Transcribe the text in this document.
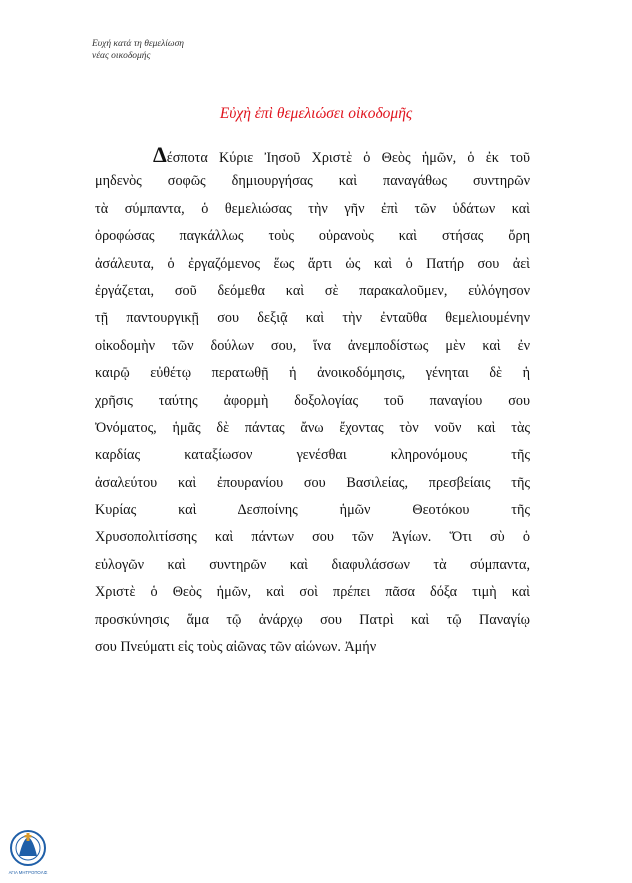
Ευχή κατά τη θεμελίωση
νέας οικοδομής
Εὐχὴ ἐπὶ θεμελιώσει οἰκοδομῆς
Δέσποτα Κύριε Ἰησοῦ Χριστὲ ὁ Θεὸς ἡμῶν, ὁ ἐκ τοῦ
μηδενὸς σοφῶς δημιουργήσας καὶ παναγάθως συντηρῶν
τὰ σύμπαντα, ὁ θεμελιώσας τὴν γῆν ἐπὶ τῶν ὑδάτων καὶ
ὀροφώσας παγκάλλως τοὺς οὐρανοὺς καὶ στήσας ὄρη
ἀσάλευτα, ὁ ἐργαζόμενος ἕως ἄρτι ὡς καὶ ὁ Πατήρ σου ἀεὶ
ἐργάζεται, σοῦ δεόμεθα καὶ σὲ παρακαλοῦμεν, εὐλόγησον
τῇ παντουργικῇ σου δεξιᾷ καὶ τὴν ἐνταῦθα θεμελιουμένην
οἰκοδομὴν τῶν δούλων σου, ἵνα ἀνεμποδίστως μὲν καὶ ἐν
καιρῷ εὐθέτῳ περατωθῇ ἡ ἀνοικοδόμησις, γένηται δὲ ἡ
χρῆσις ταύτης ἀφορμὴ δοξολογίας τοῦ παναγίου σου
Ὀνόματος, ἡμᾶς δὲ πάντας ἄνω ἔχοντας τὸν νοῦν καὶ τὰς
καρδίας καταξίωσον γενέσθαι κληρονόμους τῆς
ἀσαλεύτου καὶ ἐπουρανίου σου Βασιλείας, πρεσβείαις τῆς
Κυρίας καὶ Δεσποίνης ἡμῶν Θεοτόκου τῆς
Χρυσοπολιτίσσης καὶ πάντων σου τῶν Ἁγίων. Ὅτι σὺ ὁ
εὐλογῶν καὶ συντηρῶν καὶ διαφυλάσσων τὰ σύμπαντα,
Χριστὲ ὁ Θεὸς ἡμῶν, καὶ σοὶ πρέπει πᾶσα δόξα τιμὴ καὶ
προσκύνησις ἅμα τῷ ἀνάρχῳ σου Πατρὶ καὶ τῷ Παναγίῳ
σου Πνεύματι εἰς τοὺς αἰῶνας τῶν αἰώνων. Ἀμήν
ΑΓΙΑ ΜΗΤΡΟΠΟΛΙΣ
